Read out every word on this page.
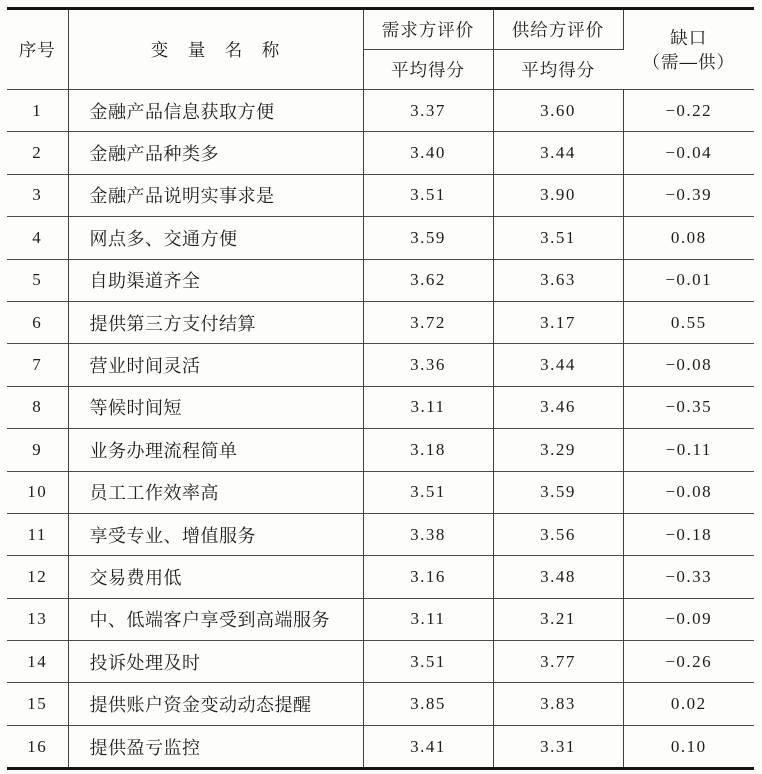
序号	变　量　名　称	需求方评价	供给方评价	缺口
（需—供）

		平均得分	平均得分	
1	金融产品信息获取方便	3.37	3.60	−0.22
2	金融产品种类多	3.40	3.44	−0.04
3	金融产品说明实事求是	3.51	3.90	−0.39
4	网点多、交通方便	3.59	3.51	0.08
5	自助渠道齐全	3.62	3.63	−0.01
6	提供第三方支付结算	3.72	3.17	0.55
7	营业时间灵活	3.36	3.44	−0.08
8	等候时间短	3.11	3.46	−0.35
9	业务办理流程简单	3.18	3.29	−0.11
10	员工工作效率高	3.51	3.59	−0.08
11	享受专业、增值服务	3.38	3.56	−0.18
12	交易费用低	3.16	3.48	−0.33
13	中、低端客户享受到高端服务	3.11	3.21	−0.09
14	投诉处理及时	3.51	3.77	−0.26
15	提供账户资金变动动态提醒	3.85	3.83	0.02
16	提供盈亏监控	3.41	3.31	0.10
